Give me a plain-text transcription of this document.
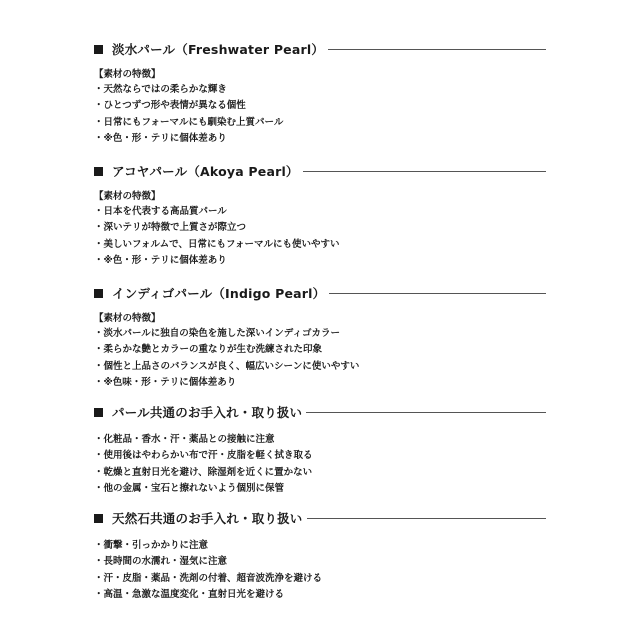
淡水パール（Freshwater Pearl）
【素材の特徴】
・天然ならではの柔らかな輝き
・ひとつずつ形や表情が異なる個性
・日常にもフォーマルにも馴染む上質パール
・※色・形・テリに個体差あり
アコヤパール（Akoya Pearl）
【素材の特徴】
・日本を代表する高品質パール
・深いテリが特徴で上質さが際立つ
・美しいフォルムで、日常にもフォーマルにも使いやすい
・※色・形・テリに個体差あり
インディゴパール（Indigo Pearl）
【素材の特徴】
・淡水パールに独自の染色を施した深いインディゴカラー
・柔らかな艶とカラーの重なりが生む洗練された印象
・個性と上品さのバランスが良く、幅広いシーンに使いやすい
・※色味・形・テリに個体差あり
パール共通のお手入れ・取り扱い
・化粧品・香水・汗・薬品との接触に注意
・使用後はやわらかい布で汗・皮脂を軽く拭き取る
・乾燥と直射日光を避け、除湿剤を近くに置かない
・他の金属・宝石と擦れないよう個別に保管
天然石共通のお手入れ・取り扱い
・衝撃・引っかかりに注意
・長時間の水濡れ・湿気に注意
・汗・皮脂・薬品・洗剤の付着、超音波洗浄を避ける
・高温・急激な温度変化・直射日光を避ける
